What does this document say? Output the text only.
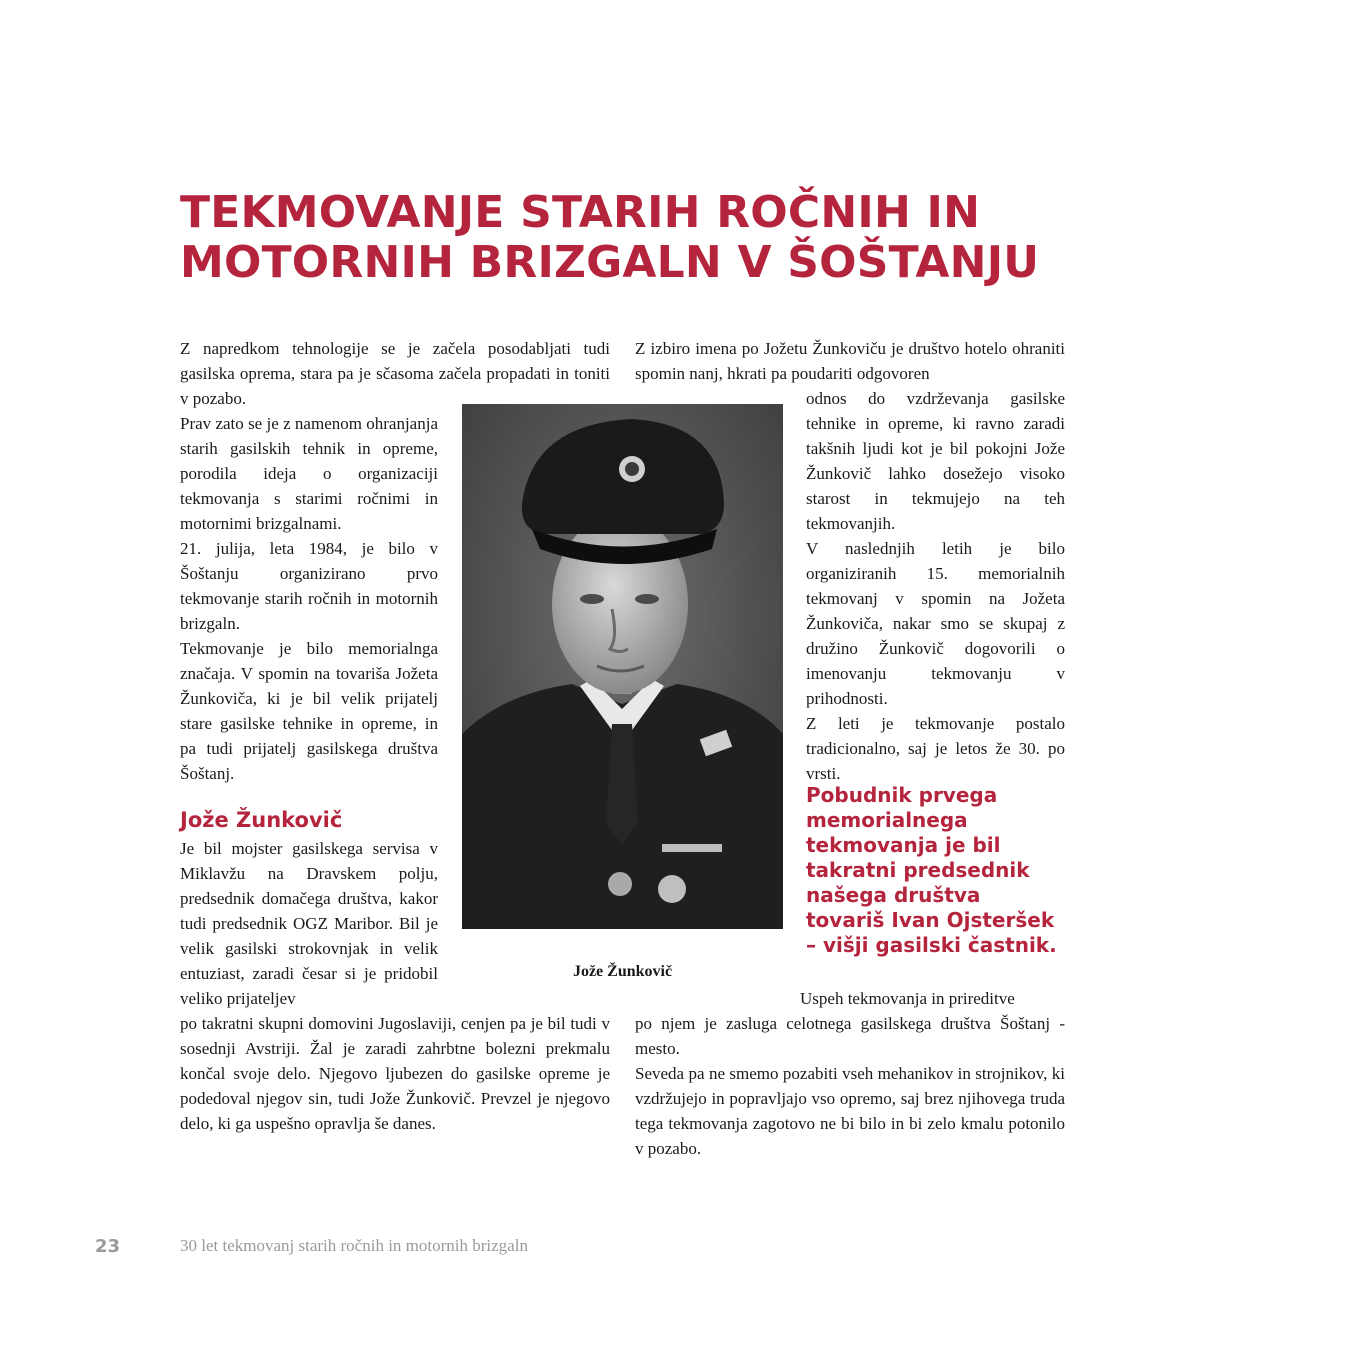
TEKMOVANJE STARIH ROČNIH IN
MOTORNIH BRIZGALN V ŠOŠTANJU

Z napredkom tehnologije se je začela posodabljati tudi gasilska oprema, stara pa je sčasoma začela propadati in toniti v pozabo.

Prav zato se je z namenom ohranjanja starih gasilskih tehnik in opreme, porodila ideja o organizaciji tekmovanja s starimi ročnimi in motornimi brizgalnami.

21. julija, leta 1984, je bilo v Šoštanju organizirano prvo tekmovanje starih ročnih in motornih brizgaln.

Tekmovanje je bilo memorialnga značaja. V spomin na tovariša Jožeta Žunkoviča, ki je bil velik prijatelj stare gasilske tehnike in opreme, in pa tudi prijatelj gasilskega društva Šoštanj.

Jože Žunkovič

Je bil mojster gasilskega servisa v Miklavžu na Dravskem polju, predsednik domačega društva, kakor tudi predsednik OGZ Maribor. Bil je velik gasilski strokovnjak in velik entuziast, zaradi česar si je pridobil veliko prijateljev

po takratni skupni domovini Jugoslaviji, cenjen pa je bil tudi v sosednji Avstriji. Žal je zaradi zahrbtne bolezni prekmalu končal svoje delo. Njegovo ljubezen do gasilske opreme je podedoval njegov sin, tudi Jože Žunkovič. Prevzel je njegovo delo, ki ga uspešno opravlja še danes.

Z izbiro imena po Jožetu Žunkoviču je društvo hotelo ohraniti spomin nanj, hkrati pa poudariti odgovoren

odnos do vzdrževanja gasilske tehnike in opreme, ki ravno zaradi takšnih ljudi kot je bil pokojni Jože Žunkovič lahko dosežejo visoko starost in tekmujejo na teh tekmovanjih.

V naslednjih letih je bilo organiziranih 15. memorialnih tekmovanj v spomin na Jožeta Žunkoviča, nakar smo se skupaj z družino Žunkovič dogovorili o imenovanju tekmovanju v prihodnosti.

Z leti je tekmovanje postalo tradicionalno, saj je letos že 30. po vrsti.

Pobudnik prvega
memorialnega
tekmovanja je bil
takratni predsednik
našega društva
tovariš Ivan Ojsteršek
– višji gasilski častnik.

Jože Žunkovič

Uspeh tekmovanja in prireditve

po njem je zasluga celotnega gasilskega društva Šoštanj - mesto.

Seveda pa ne smemo pozabiti vseh mehanikov in strojnikov, ki vzdržujejo in popravljajo vso opremo, saj brez njihovega truda tega tekmovanja zagotovo ne bi bilo in bi zelo kmalu potonilo v pozabo.

23	30 let tekmovanj starih ročnih in motornih brizgaln
